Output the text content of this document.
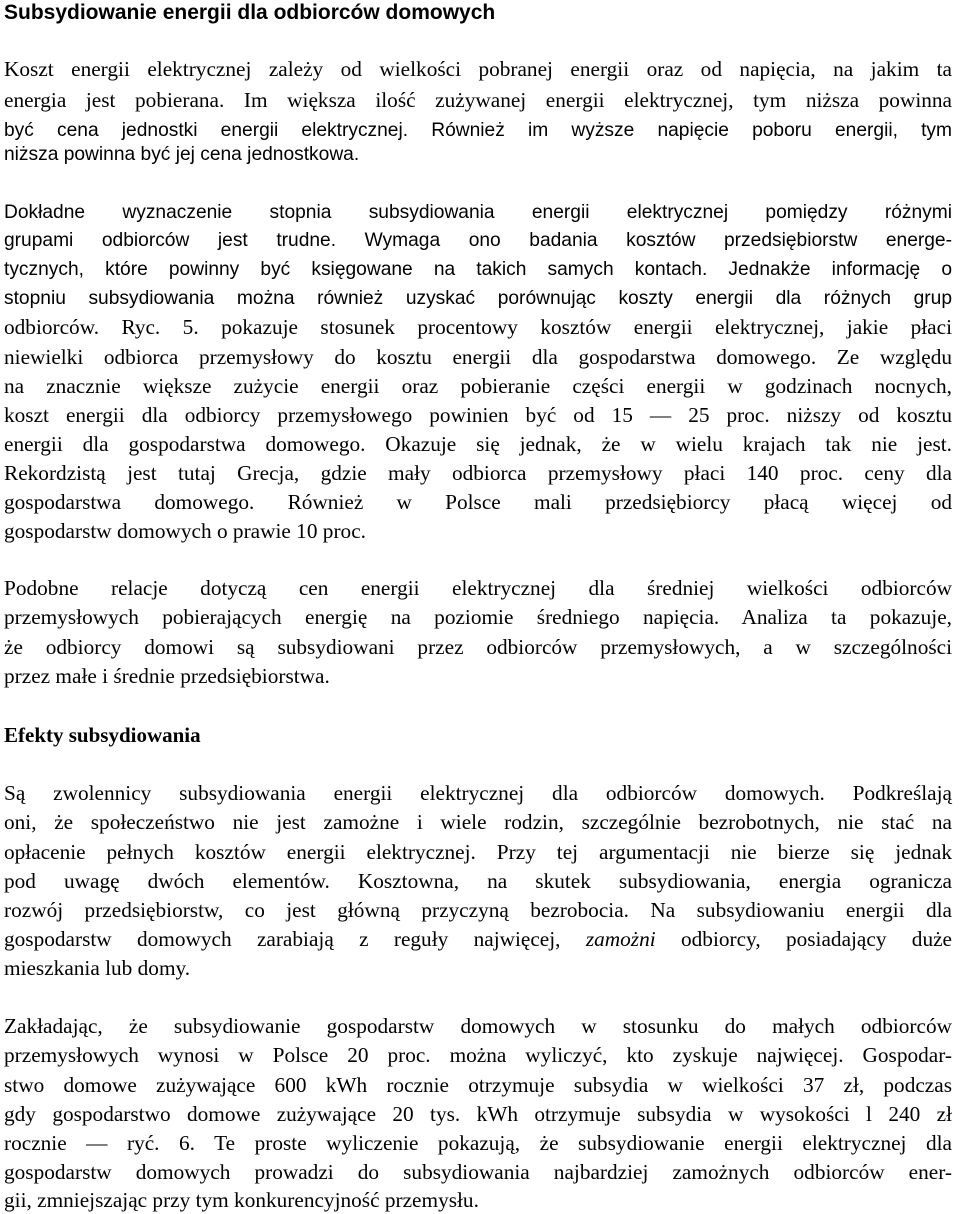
Subsydiowanie energii dla odbiorców domowych

Koszt energii elektrycznej zależy od wielkości pobranej energii oraz od napięcia, na jakim ta

energia jest pobierana. Im większa ilość zużywanej energii elektrycznej, tym niższa powinna

być cena jednostki energii elektrycznej. Również im wyższe napięcie poboru energii, tym

niższa powinna być jej cena jednostkowa.

Dokładne wyznaczenie stopnia subsydiowania energii elektrycznej pomiędzy różnymi

grupami odbiorców jest trudne. Wymaga ono badania kosztów przedsiębiorstw energe-

tycznych, które powinny być księgowane na takich samych kontach. Jednakże informację o

stopniu subsydiowania można również uzyskać porównując koszty energii dla różnych grup

odbiorców. Ryc. 5. pokazuje stosunek procentowy kosztów energii elektrycznej, jakie płaci

niewielki odbiorca przemysłowy do kosztu energii dla gospodarstwa domowego. Ze względu

na znacznie większe zużycie energii oraz pobieranie części energii w godzinach nocnych,

koszt energii dla odbiorcy przemysłowego powinien być od 15 — 25 proc. niższy od kosztu

energii dla gospodarstwa domowego. Okazuje się jednak, że w wielu krajach tak nie jest.

Rekordzistą jest tutaj Grecja, gdzie mały odbiorca przemysłowy płaci 140 proc. ceny dla

gospodarstwa domowego. Również w Polsce mali przedsiębiorcy płacą więcej od

gospodarstw domowych o prawie 10 proc.

Podobne relacje dotyczą cen energii elektrycznej dla średniej wielkości odbiorców

przemysłowych pobierających energię na poziomie średniego napięcia. Analiza ta pokazuje,

że odbiorcy domowi są subsydiowani przez odbiorców przemysłowych, a w szczególności

przez małe i średnie przedsiębiorstwa.

Efekty subsydiowania

Są zwolennicy subsydiowania energii elektrycznej dla odbiorców domowych. Podkreślają

oni, że społeczeństwo nie jest zamożne i wiele rodzin, szczególnie bezrobotnych, nie stać na

opłacenie pełnych kosztów energii elektrycznej. Przy tej argumentacji nie bierze się jednak

pod uwagę dwóch elementów. Kosztowna, na skutek subsydiowania, energia ogranicza

rozwój przedsiębiorstw, co jest główną przyczyną bezrobocia. Na subsydiowaniu energii dla

gospodarstw domowych zarabiają z reguły najwięcej, zamożni odbiorcy, posiadający duże

mieszkania lub domy.

Zakładając, że subsydiowanie gospodarstw domowych w stosunku do małych odbiorców

przemysłowych wynosi w Polsce 20 proc. można wyliczyć, kto zyskuje najwięcej. Gospodar-

stwo domowe zużywające 600 kWh rocznie otrzymuje subsydia w wielkości 37 zł, podczas

gdy gospodarstwo domowe zużywające 20 tys. kWh otrzymuje subsydia w wysokości l 240 zł

rocznie — ryć. 6. Te proste wyliczenie pokazują, że subsydiowanie energii elektrycznej dla

gospodarstw domowych prowadzi do subsydiowania najbardziej zamożnych odbiorców ener-

gii, zmniejszając przy tym konkurencyjność przemysłu.
